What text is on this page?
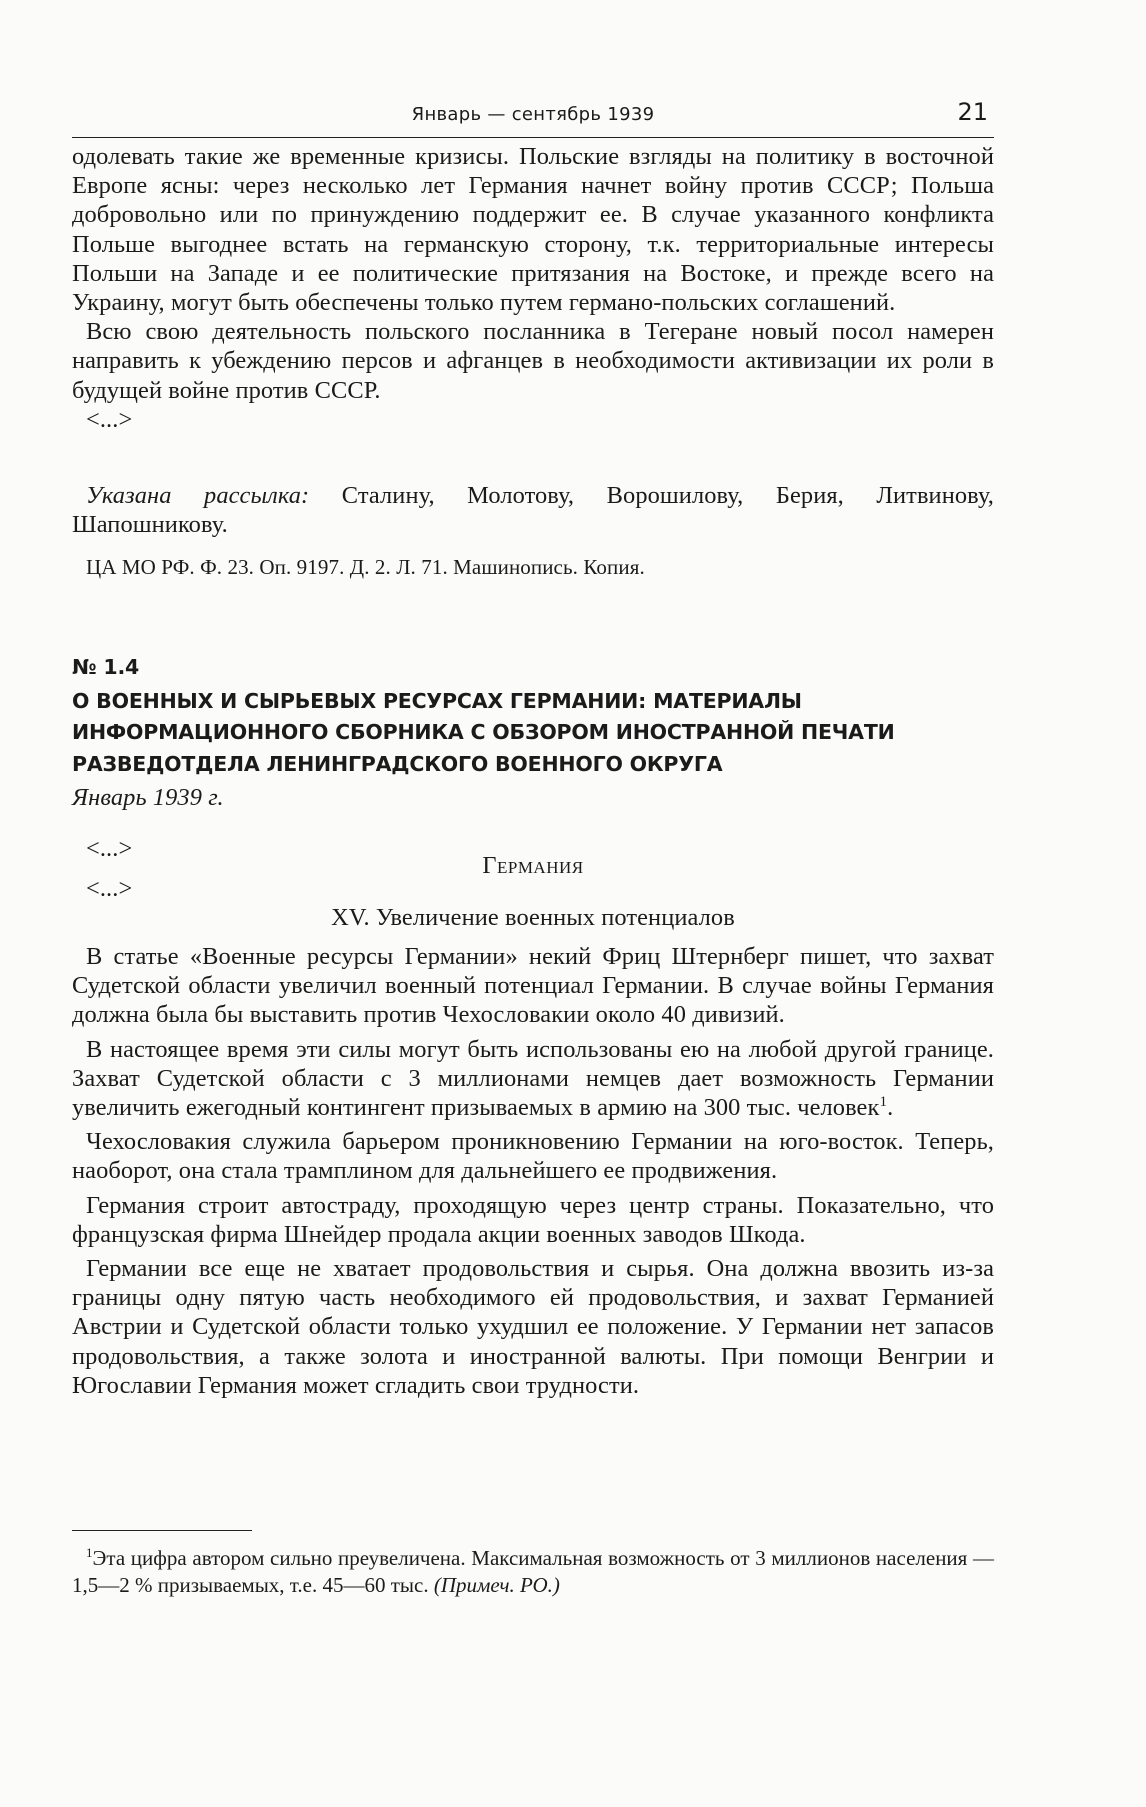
Январь — сентябрь 1939	21

одолевать такие же временные кризисы. Польские взгляды на политику в восточной Европе ясны: через несколько лет Германия начнет войну против СССР; Польша добровольно или по принуждению поддержит ее. В случае указанного конфликта Польше выгоднее встать на германскую сторону, т.к. территориальные интересы Польши на Западе и ее политические притязания на Востоке, и прежде всего на Украину, могут быть обеспечены только путем германо-польских соглашений.

Всю свою деятельность польского посланника в Тегеране новый посол намерен направить к убеждению персов и афганцев в необходимости активизации их роли в будущей войне против СССР.

<...>

Указана рассылка: Сталину, Молотову, Ворошилову, Берия, Литвинову, Шапошникову.

ЦА МО РФ. Ф. 23. Оп. 9197. Д. 2. Л. 71. Машинопись. Копия.

№ 1.4
О ВОЕННЫХ И СЫРЬЕВЫХ РЕСУРСАХ ГЕРМАНИИ: МАТЕРИАЛЫ
ИНФОРМАЦИОННОГО СБОРНИКА С ОБЗОРОМ ИНОСТРАННОЙ ПЕЧАТИ
РАЗВЕДОТДЕЛА ЛЕНИНГРАДСКОГО ВОЕННОГО ОКРУГА

Январь 1939 г.

<...>

Германия

<...>

XV. Увеличение военных потенциалов

В статье «Военные ресурсы Германии» некий Фриц Штернберг пишет, что захват Судетской области увеличил военный потенциал Германии. В случае войны Германия должна была бы выставить против Чехословакии около 40 дивизий.

В настоящее время эти силы могут быть использованы ею на любой другой границе. Захват Судетской области с 3 миллионами немцев дает возможность Германии увеличить ежегодный контингент призываемых в армию на 300 тыс. человек$^1$.

Чехословакия служила барьером проникновению Германии на юго-восток. Теперь, наоборот, она стала трамплином для дальнейшего ее продвижения.

Германия строит автостраду, проходящую через центр страны. Показательно, что французская фирма Шнейдер продала акции военных заводов Шкода.

Германии все еще не хватает продовольствия и сырья. Она должна ввозить из-за границы одну пятую часть необходимого ей продовольствия, и захват Германией Австрии и Судетской области только ухудшил ее положение. У Германии нет запасов продовольствия, а также золота и иностранной валюты. При помощи Венгрии и Югославии Германия может сгладить свои трудности.

$^1$Эта цифра автором сильно преувеличена. Максимальная возможность от 3 миллионов населения — 1,5—2 % призываемых, т.е. 45—60 тыс. (Примеч. РО.)
